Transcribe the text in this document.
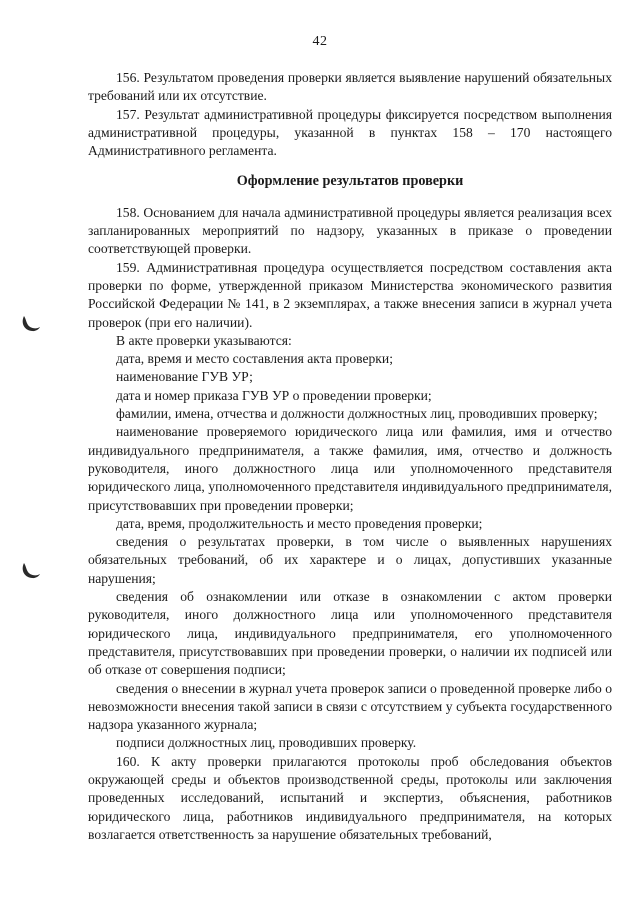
42

156. Результатом проведения проверки является выявление нарушений обязательных требований или их отсутствие.

157. Результат административной процедуры фиксируется посредством выполнения административной процедуры, указанной в пунктах 158 – 170 настоящего Административного регламента.

Оформление результатов проверки

158. Основанием для начала административной процедуры является реализация всех запланированных мероприятий по надзору, указанных в приказе о проведении соответствующей проверки.

159. Административная процедура осуществляется посредством составления акта проверки по форме, утвержденной приказом Министерства экономического развития Российской Федерации № 141, в 2 экземплярах, а также внесения записи в журнал учета проверок (при его наличии).

В акте проверки указываются:

дата, время и место составления акта проверки;

наименование ГУВ УР;

дата и номер приказа ГУВ УР о проведении проверки;

фамилии, имена, отчества и должности должностных лиц, проводивших проверку;

наименование проверяемого юридического лица или фамилия, имя и отчество индивидуального предпринимателя, а также фамилия, имя, отчество и должность руководителя, иного должностного лица или уполномоченного представителя юридического лица, уполномоченного представителя индивидуального предпринимателя, присутствовавших при проведении проверки;

дата, время, продолжительность и место проведения проверки;

сведения о результатах проверки, в том числе о выявленных нарушениях обязательных требований, об их характере и о лицах, допустивших указанные нарушения;

сведения об ознакомлении или отказе в ознакомлении с актом проверки руководителя, иного должностного лица или уполномоченного представителя юридического лица, индивидуального предпринимателя, его уполномоченного представителя, присутствовавших при проведении проверки, о наличии их подписей или об отказе от совершения подписи;

сведения о внесении в журнал учета проверок записи о проведенной проверке либо о невозможности внесения такой записи в связи с отсутствием у субъекта государственного надзора указанного журнала;

подписи должностных лиц, проводивших проверку.

160. К акту проверки прилагаются протоколы проб обследования объектов окружающей среды и объектов производственной среды, протоколы или заключения проведенных исследований, испытаний и экспертиз, объяснения, работников юридического лица, работников индивидуального предпринимателя, на которых возлагается ответственность за нарушение обязательных требований,
